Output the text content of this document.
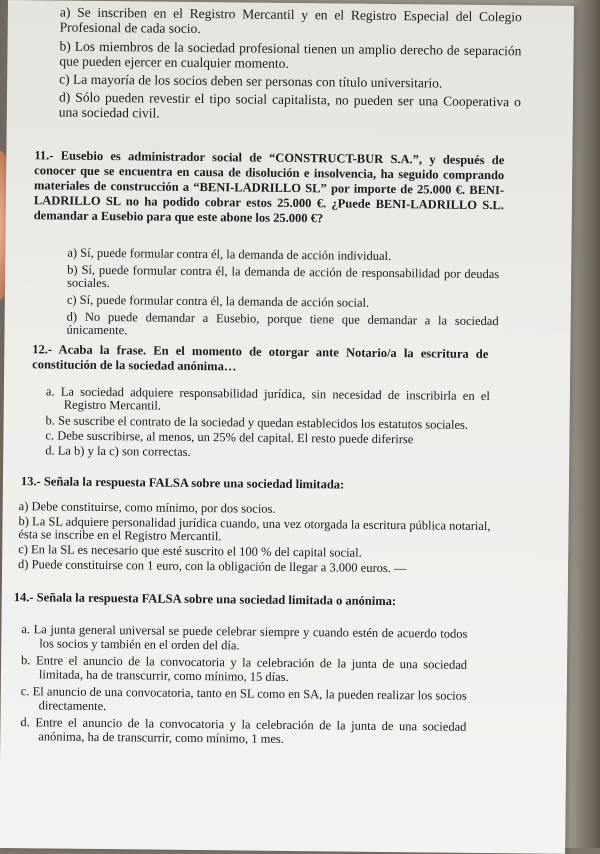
a) Se inscriben en el Registro Mercantil y en el Registro Especial del Colegio Profesional de cada socio.

b) Los miembros de la sociedad profesional tienen un amplio derecho de separación que pueden ejercer en cualquier momento.

c) La mayoría de los socios deben ser personas con título universitario.

d) Sólo pueden revestir el tipo social capitalista, no pueden ser una Cooperativa o una sociedad civil.

11.- Eusebio es administrador social de “CONSTRUCT-BUR S.A.”, y después de conocer que se encuentra en causa de disolución e insolvencia, ha seguido comprando materiales de construcción a “BENI-LADRILLO SL” por importe de 25.000 €. BENI-LADRILLO SL no ha podido cobrar estos 25.000 €. ¿Puede BENI-LADRILLO S.L. demandar a Eusebio para que este abone los 25.000 €?

a) Sí, puede formular contra él, la demanda de acción individual.

b) Sí, puede formular contra él, la demanda de acción de responsabilidad por deudas sociales.

c) Sí, puede formular contra él, la demanda de acción social.

d) No puede demandar a Eusebio, porque tiene que demandar a la sociedad únicamente.

12.- Acaba la frase. En el momento de otorgar ante Notario/a la escritura de constitución de la sociedad anónima…

a. La sociedad adquiere responsabilidad jurídica, sin necesidad de inscribirla en el Registro Mercantil.

b. Se suscribe el contrato de la sociedad y quedan establecidos los estatutos sociales.

c. Debe suscribirse, al menos, un 25% del capital. El resto puede diferirse

d. La b) y la c) son correctas.

13.- Señala la respuesta FALSA sobre una sociedad limitada:

a) Debe constituirse, como mínimo, por dos socios.

b) La SL adquiere personalidad jurídica cuando, una vez otorgada la escritura pública notarial, ésta se inscribe en el Registro Mercantil.

c) En la SL es necesario que esté suscrito el 100 % del capital social.

d) Puede constituirse con 1 euro, con la obligación de llegar a 3.000 euros. —

14.- Señala la respuesta FALSA sobre una sociedad limitada o anónima:

a. La junta general universal se puede celebrar siempre y cuando estén de acuerdo todos los socios y también en el orden del día.

b. Entre el anuncio de la convocatoria y la celebración de la junta de una sociedad limitada, ha de transcurrir, como mínimo, 15 días.

c. El anuncio de una convocatoria, tanto en SL como en SA, la pueden realizar los socios directamente.

d. Entre el anuncio de la convocatoria y la celebración de la junta de una sociedad anónima, ha de transcurrir, como mínimo, 1 mes.
